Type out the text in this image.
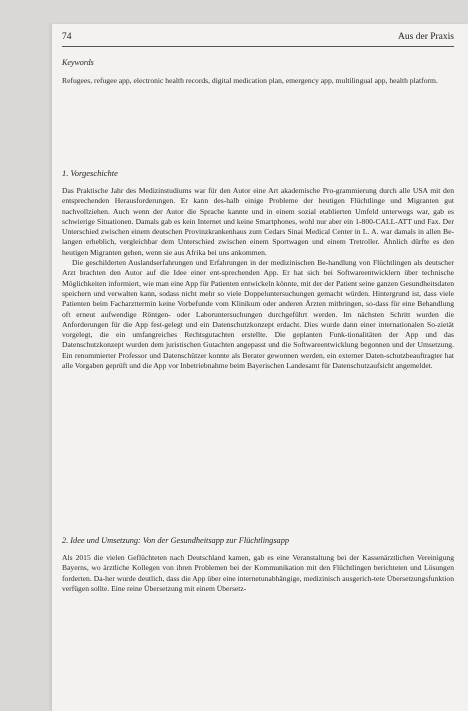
74	Aus der Praxis
Keywords

Refugees, refugee app, electronic health records, digital medication plan, emergency app, multilingual app, health platform.

1. Vorgeschichte

Das Praktische Jahr des Medizinstudiums war für den Autor eine Art akademische Pro-grammierung durch alle USA mit den entsprechenden Herausforderungen. Er kann des-halb einige Probleme der heutigen Flüchtlinge und Migranten gut nachvollziehen. Auch wenn der Autor die Sprache kannte und in einem sozial etablierten Umfeld unterwegs war, gab es schwierige Situationen. Damals gab es kein Internet und keine Smartphones, wohl nur aber ein 1-800-CALL-ATT und Fax. Der Unterschied zwischen einem deutschen Provinzkrankenhaus zum Cedars Sinai Medical Center in L. A. war damals in allen Be-langen erheblich, vergleichbar dem Unterschied zwischen einem Sportwagen und einem Tretroller. Ähnlich dürfte es den heutigen Migranten gehen, wenn sie aus Afrika bei uns ankommen.

Die geschilderten Auslandserfahrungen und Erfahrungen in der medizinischen Be-handlung von Flüchtlingen als deutscher Arzt brachten den Autor auf die Idee einer ent-sprechenden App. Er hat sich bei Softwareentwicklern über technische Möglichkeiten informiert, wie man eine App für Patienten entwickeln könnte, mit der der Patient seine ganzen Gesundheitsdaten speichern und verwalten kann, sodass nicht mehr so viele Doppeluntersuchungen gemacht würden. Hintergrund ist, dass viele Patienten beim Facharzttermin keine Vorbefunde vom Klinikum oder anderen Ärzten mitbringen, so-dass für eine Behandlung oft erneut aufwendige Röntgen- oder Laboruntersuchungen durchgeführt werden. Im nächsten Schritt wurden die Anforderungen für die App fest-gelegt und ein Datenschutzkonzept erdacht. Dies wurde dann einer internationalen So-zietät vorgelegt, die ein umfangreiches Rechtsgutachten erstellte. Die geplanten Funk-tionalitäten der App und das Datenschutzkonzept wurden dem juristischen Gutachten angepasst und die Softwareentwicklung begonnen und der Umsetzung. Ein renommierter Professor und Datenschützer konnte als Berater gewonnen werden, ein externer Daten-schutzbeauftragter hat alle Vorgaben geprüft und die App vor Inbetriebnahme beim Bayerischen Landesamt für Datenschutzaufsicht angemeldet.

2. Idee und Umsetzung: Von der Gesundheitsapp zur Flüchtlingsapp

Als 2015 die vielen Geflüchteten nach Deutschland kamen, gab es eine Veranstaltung bei der Kassenärztlichen Vereinigung Bayerns, wo ärztliche Kollegen von ihren Problemen bei der Kommunikation mit den Flüchtlingen berichteten und Lösungen forderten. Da-her wurde deutlich, dass die App über eine internetunabhängige, medizinisch ausgerich-tete Übersetzungsfunktion verfügen sollte. Eine reine Übersetzung mit einem Übersetz-
